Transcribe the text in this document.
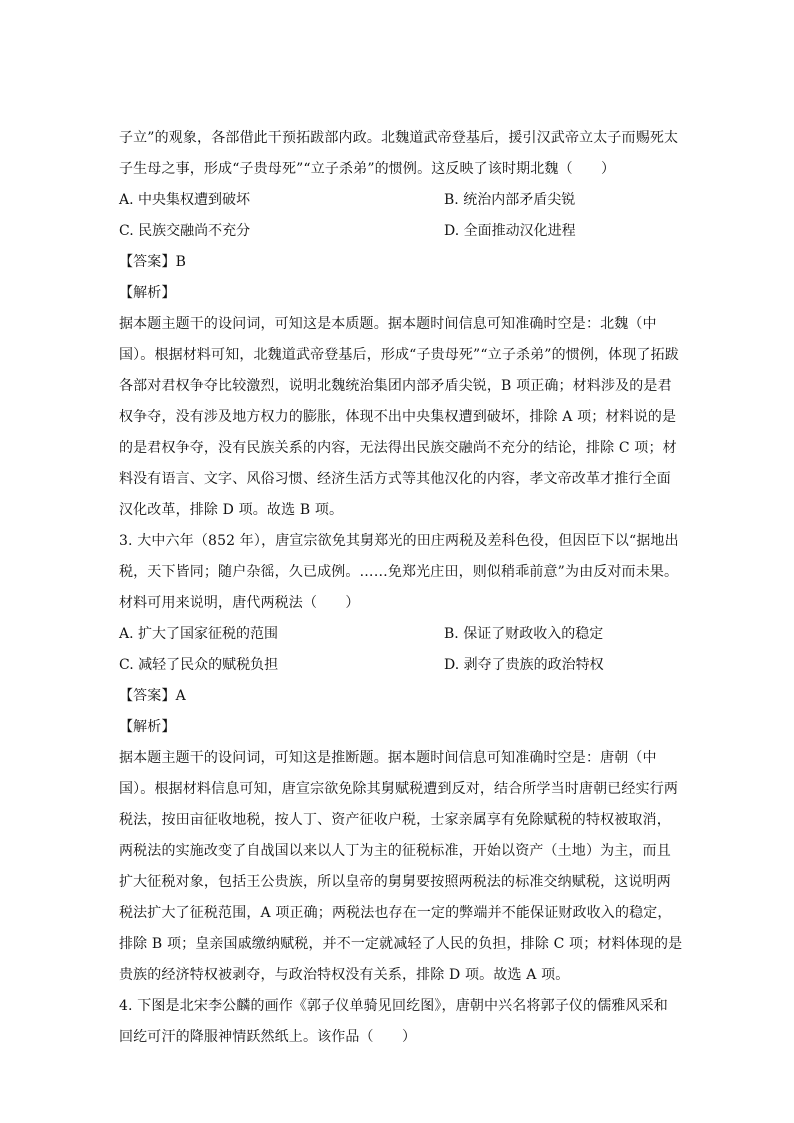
子立”的观象，各部借此干预拓跋部内政。北魏道武帝登基后，援引汉武帝立太子而赐死太
子生母之事，形成“子贵母死”“立子杀弟”的惯例。这反映了该时期北魏（　　）
A. 中央集权遭到破坏	B. 统治内部矛盾尖锐
C. 民族交融尚不充分	D. 全面推动汉化进程
【答案】B
【解析】
据本题主题干的设问词，可知这是本质题。据本题时间信息可知准确时空是：北魏（中
国）。根据材料可知，北魏道武帝登基后，形成“子贵母死”“立子杀弟”的惯例，体现了拓跋
各部对君权争夺比较激烈，说明北魏统治集团内部矛盾尖锐，B 项正确；材料涉及的是君
权争夺，没有涉及地方权力的膨胀，体现不出中央集权遭到破坏，排除 A 项；材料说的是
的是君权争夺，没有民族关系的内容，无法得出民族交融尚不充分的结论，排除 C 项；材
料没有语言、文字、风俗习惯、经济生活方式等其他汉化的内容，孝文帝改革才推行全面
汉化改革，排除 D 项。故选 B 项。
3. 大中六年（852 年），唐宣宗欲免其舅郑光的田庄两税及差科色役，但因臣下以“据地出
税，天下皆同；随户杂徭，久已成例。……免郑光庄田，则似稍乖前意”为由反对而未果。
材料可用来说明，唐代两税法（　　）
A. 扩大了国家征税的范围	B. 保证了财政收入的稳定
C. 减轻了民众的赋税负担	D. 剥夺了贵族的政治特权
【答案】A
【解析】
据本题主题干的设问词，可知这是推断题。据本题时间信息可知准确时空是：唐朝（中
国）。根据材料信息可知，唐宣宗欲免除其舅赋税遭到反对，结合所学当时唐朝已经实行两
税法，按田亩征收地税，按人丁、资产征收户税，士家亲属享有免除赋税的特权被取消，
两税法的实施改变了自战国以来以人丁为主的征税标准，开始以资产（土地）为主，而且
扩大征税对象，包括王公贵族，所以皇帝的舅舅要按照两税法的标准交纳赋税，这说明两
税法扩大了征税范围，A 项正确；两税法也存在一定的弊端并不能保证财政收入的稳定，
排除 B 项；皇亲国戚缴纳赋税，并不一定就减轻了人民的负担，排除 C 项；材料体现的是
贵族的经济特权被剥夺，与政治特权没有关系，排除 D 项。故选 A 项。
4. 下图是北宋李公麟的画作《郭子仪单骑见回纥图》，唐朝中兴名将郭子仪的儒雅风采和
回纥可汗的降服神情跃然纸上。该作品（　　）
